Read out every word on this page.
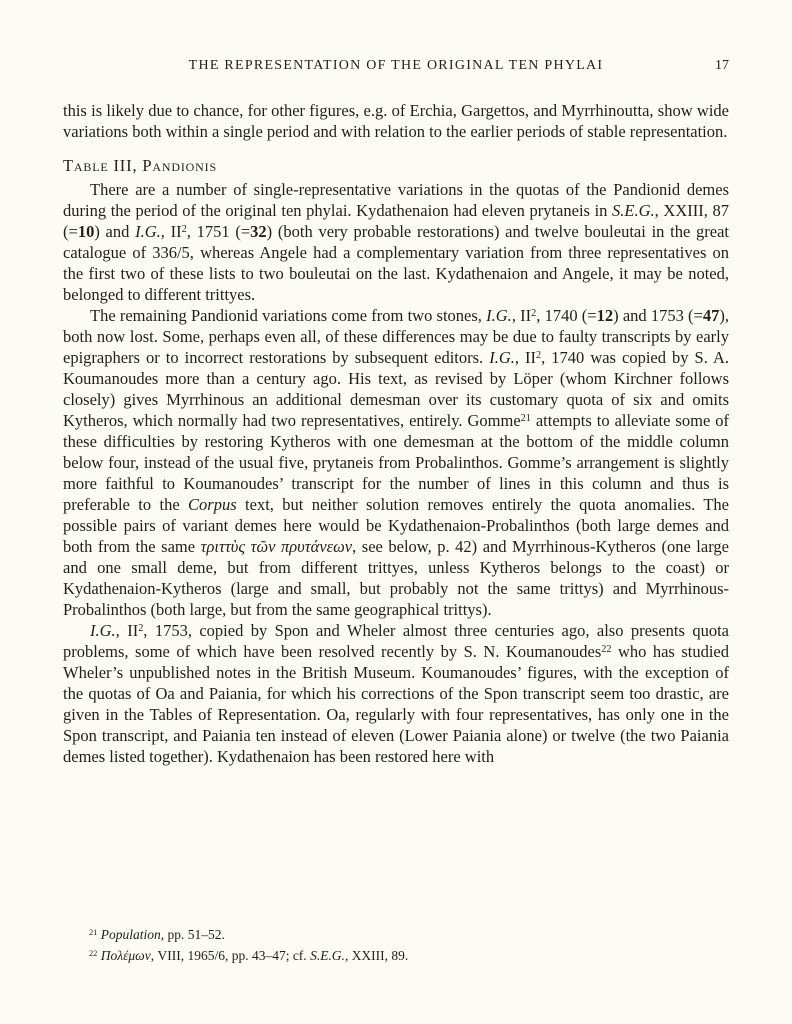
THE REPRESENTATION OF THE ORIGINAL TEN PHYLAI	17

this is likely due to chance, for other figures, e.g. of Erchia, Gargettos, and Myrrhinoutta, show wide variations both within a single period and with relation to the earlier periods of stable representation.

Table III, Pandionis

There are a number of single-representative variations in the quotas of the Pandionid demes during the period of the original ten phylai. Kydathenaion had eleven prytaneis in S.E.G., XXIII, 87 (=10) and I.G., $II^2$, 1751 (=32) (both very probable restorations) and twelve bouleutai in the great catalogue of 336/5, whereas Angele had a complementary variation from three representatives on the first two of these lists to two bouleutai on the last. Kydathenaion and Angele, it may be noted, belonged to different trittyes.

The remaining Pandionid variations come from two stones, I.G., $II^2$, 1740 (=12) and 1753 (=47), both now lost. Some, perhaps even all, of these differences may be due to faulty transcripts by early epigraphers or to incorrect restorations by subsequent editors. I.G., $II^2$, 1740 was copied by S. A. Koumanoudes more than a century ago. His text, as revised by Löper (whom Kirchner follows closely) gives Myrrhinous an additional demesman over its customary quota of six and omits Kytheros, which normally had two representatives, entirely. Gomme$^{21}$ attempts to alleviate some of these difficulties by restoring Kytheros with one demesman at the bottom of the middle column below four, instead of the usual five, prytaneis from Probalinthos. Gomme’s arrangement is slightly more faithful to Koumanoudes’ transcript for the number of lines in this column and thus is preferable to the Corpus text, but neither solution removes entirely the quota anomalies. The possible pairs of variant demes here would be Kydathenaion-Probalinthos (both large demes and both from the same τριττὺς τῶν πρυτάνεων, see below, p. 42) and Myrrhinous-Kytheros (one large and one small deme, but from different trittyes, unless Kytheros belongs to the coast) or Kydathenaion-Kytheros (large and small, but probably not the same trittys) and Myrrhinous-Probalinthos (both large, but from the same geographical trittys).

I.G., $II^2$, 1753, copied by Spon and Wheler almost three centuries ago, also presents quota problems, some of which have been resolved recently by S. N. Koumanoudes$^{22}$ who has studied Wheler’s unpublished notes in the British Museum. Koumanoudes’ figures, with the exception of the quotas of Oa and Paiania, for which his corrections of the Spon transcript seem too drastic, are given in the Tables of Representation. Oa, regularly with four representatives, has only one in the Spon transcript, and Paiania ten instead of eleven (Lower Paiania alone) or twelve (the two Paiania demes listed together). Kydathenaion has been restored here with

$^{21}$ Population, pp. 51–52.

$^{22}$ Πολέμων, VIII, 1965/6, pp. 43–47; cf. S.E.G., XXIII, 89.
